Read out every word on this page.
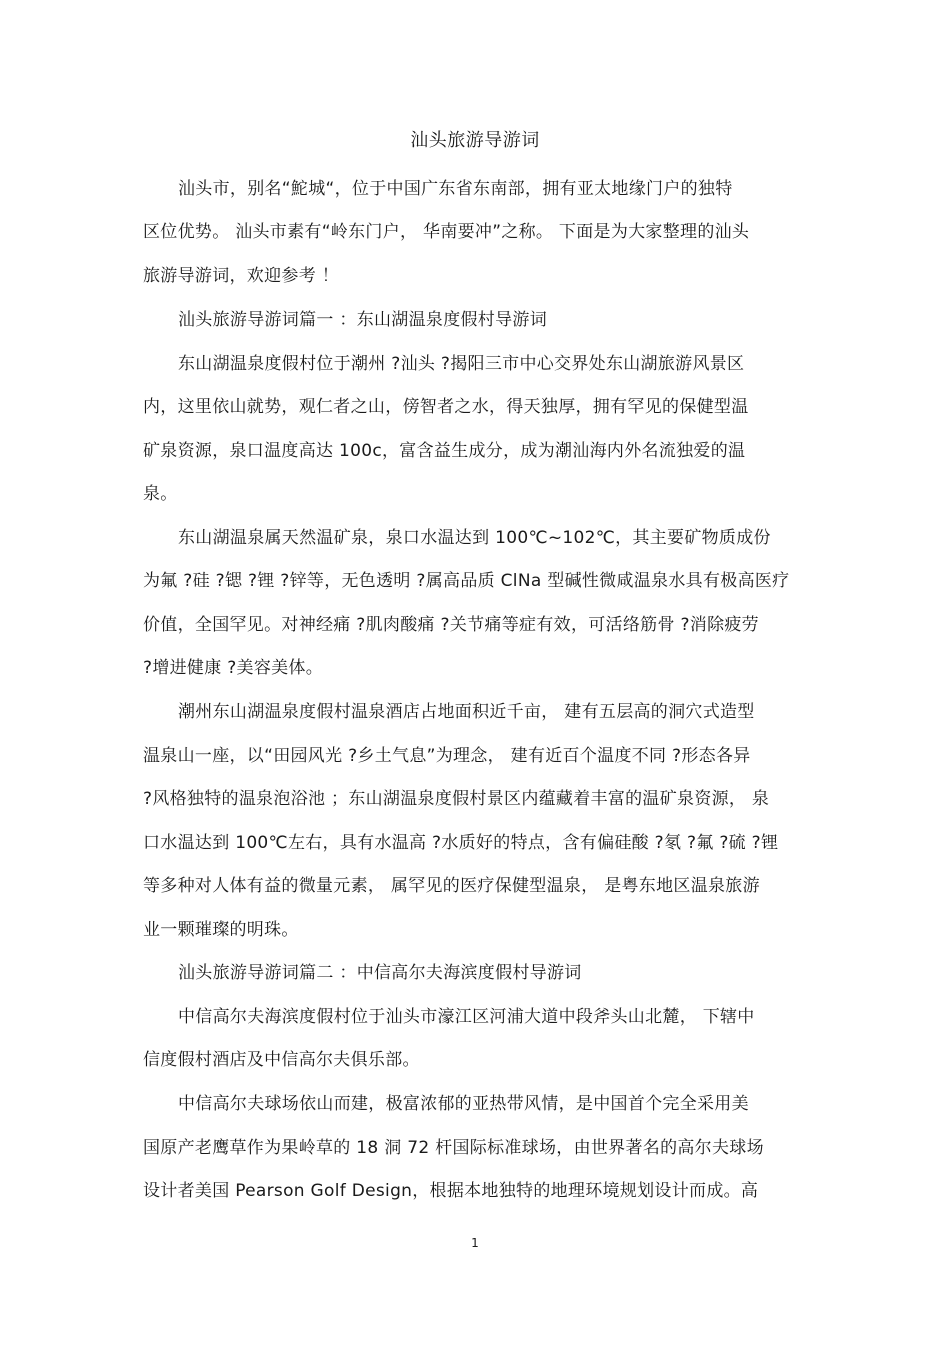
汕头旅游导游词
汕头市，别名“鮀城“，位于中国广东省东南部，拥有亚太地缘门户的独特
区位优势。 汕头市素有“岭东门户， 华南要冲”之称。 下面是为大家整理的汕头
旅游导游词，欢迎参考 ！
汕头旅游导游词篇一 ：东山湖温泉度假村导游词
东山湖温泉度假村位于潮州 ?汕头 ?揭阳三市中心交界处东山湖旅游风景区
内，这里依山就势，观仁者之山，傍智者之水，得天独厚，拥有罕见的保健型温
矿泉资源，泉口温度高达 100c，富含益生成分，成为潮汕海内外名流独爱的温
泉。
东山湖温泉属天然温矿泉，泉口水温达到 100℃~102℃，其主要矿物质成份
为氟 ?硅 ?锶 ?锂 ?锌等，无色透明 ?属高品质 ClNa 型碱性微咸温泉水具有极高医疗
价值，全国罕见。对神经痛 ?肌肉酸痛 ?关节痛等症有效，可活络筋骨 ?消除疲劳
?增进健康 ?美容美体。
潮州东山湖温泉度假村温泉酒店占地面积近千亩， 建有五层高的洞穴式造型
温泉山一座，以“田园风光 ?乡土气息”为理念， 建有近百个温度不同 ?形态各异
?风格独特的温泉泡浴池 ；东山湖温泉度假村景区内蕴藏着丰富的温矿泉资源， 泉
口水温达到 100℃左右，具有水温高 ?水质好的特点，含有偏硅酸 ?氡 ?氟 ?硫 ?锂
等多种对人体有益的微量元素， 属罕见的医疗保健型温泉， 是粤东地区温泉旅游
业一颗璀璨的明珠。
汕头旅游导游词篇二 ：中信高尔夫海滨度假村导游词
中信高尔夫海滨度假村位于汕头市濠江区河浦大道中段斧头山北麓， 下辖中
信度假村酒店及中信高尔夫俱乐部。
中信高尔夫球场依山而建，极富浓郁的亚热带风情，是中国首个完全采用美
国原产老鹰草作为果岭草的 18 洞 72 杆国际标准球场，由世界著名的高尔夫球场
设计者美国 Pearson Golf Design，根据本地独特的地理环境规划设计而成。高
1
